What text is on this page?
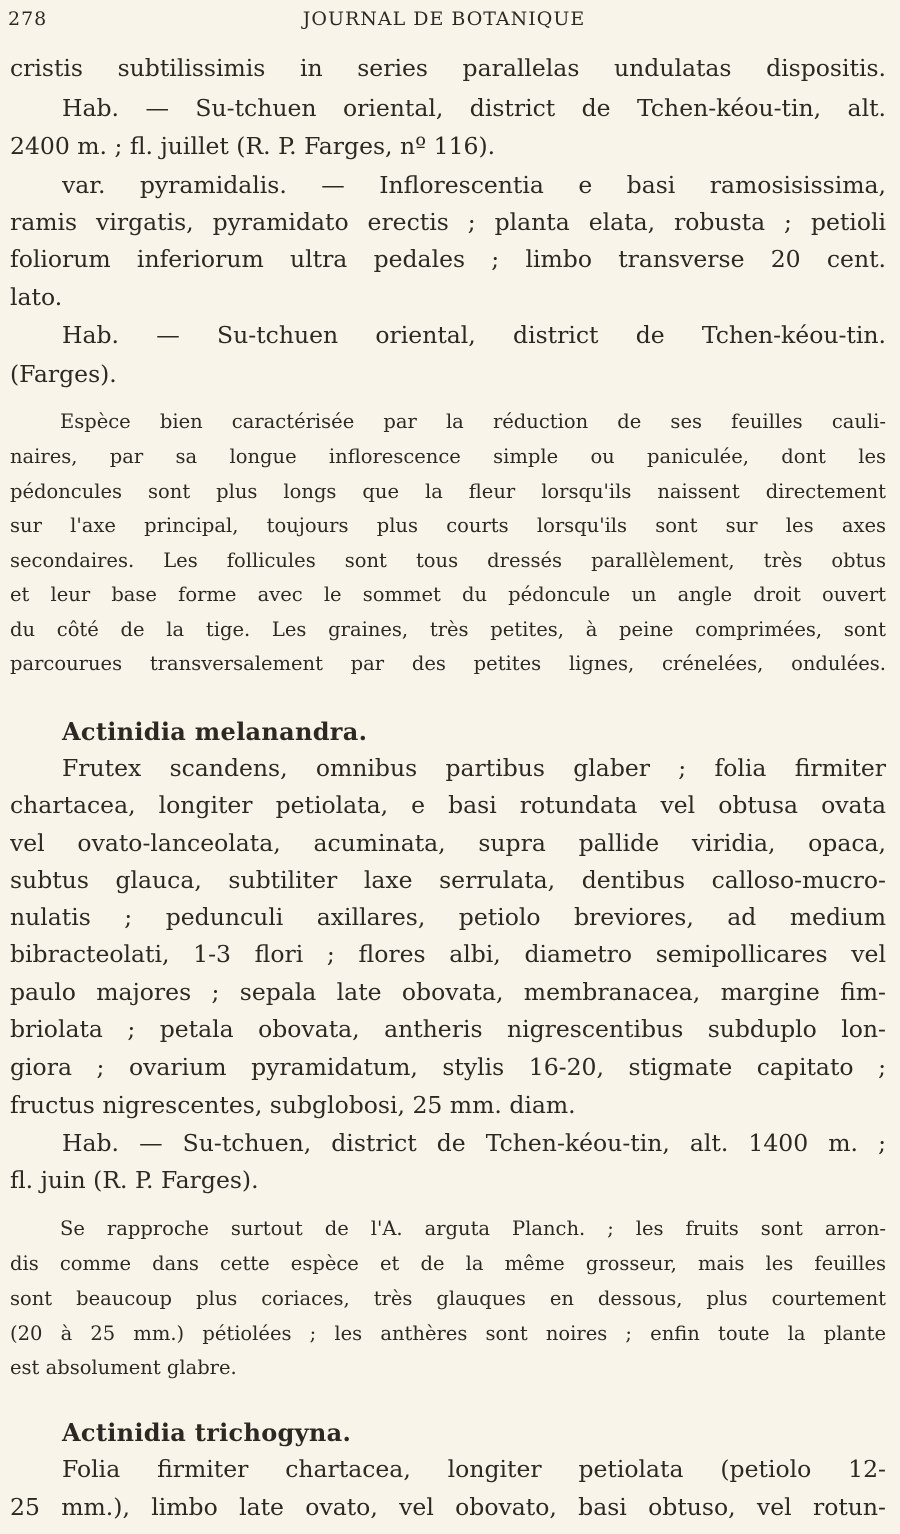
278	JOURNAL DE BOTANIQUE
cristis subtilissimis in series parallelas undulatas dispositis.
Hab. — Su-tchuen oriental, district de Tchen-kéou-tin, alt.
2400 m. ; fl. juillet (R. P. Farges, nº 116).
var. pyramidalis. — Inflorescentia e basi ramosisissima,
ramis virgatis, pyramidato erectis ; planta elata, robusta ; petioli
foliorum inferiorum ultra pedales ; limbo transverse 20 cent.
lato.
Hab. — Su-tchuen oriental, district de Tchen-kéou-tin.
(Farges).
Espèce bien caractérisée par la réduction de ses feuilles cauli-
naires, par sa longue inflorescence simple ou paniculée, dont les
pédoncules sont plus longs que la fleur lorsqu'ils naissent directement
sur l'axe principal, toujours plus courts lorsqu'ils sont sur les axes
secondaires. Les follicules sont tous dressés parallèlement, très obtus
et leur base forme avec le sommet du pédoncule un angle droit ouvert
du côté de la tige. Les graines, très petites, à peine comprimées, sont
parcourues transversalement par des petites lignes, crénelées, ondulées.
Actinidia melanandra.
Frutex scandens, omnibus partibus glaber ; folia firmiter
chartacea, longiter petiolata, e basi rotundata vel obtusa ovata
vel ovato-lanceolata, acuminata, supra pallide viridia, opaca,
subtus glauca, subtiliter laxe serrulata, dentibus calloso-mucro-
nulatis ; pedunculi axillares, petiolo breviores, ad medium
bibracteolati, 1-3 flori ; flores albi, diametro semipollicares vel
paulo majores ; sepala late obovata, membranacea, margine fim-
briolata ; petala obovata, antheris nigrescentibus subduplo lon-
giora ; ovarium pyramidatum, stylis 16-20, stigmate capitato ;
fructus nigrescentes, subglobosi, 25 mm. diam.
Hab. — Su-tchuen, district de Tchen-kéou-tin, alt. 1400 m. ;
fl. juin (R. P. Farges).
Se rapproche surtout de l'A. arguta Planch. ; les fruits sont arron-
dis comme dans cette espèce et de la même grosseur, mais les feuilles
sont beaucoup plus coriaces, très glauques en dessous, plus courtement
(20 à 25 mm.) pétiolées ; les anthères sont noires ; enfin toute la plante
est absolument glabre.
Actinidia trichogyna.
Folia firmiter chartacea, longiter petiolata (petiolo 12-
25 mm.), limbo late ovato, vel obovato, basi obtuso, vel rotun-
